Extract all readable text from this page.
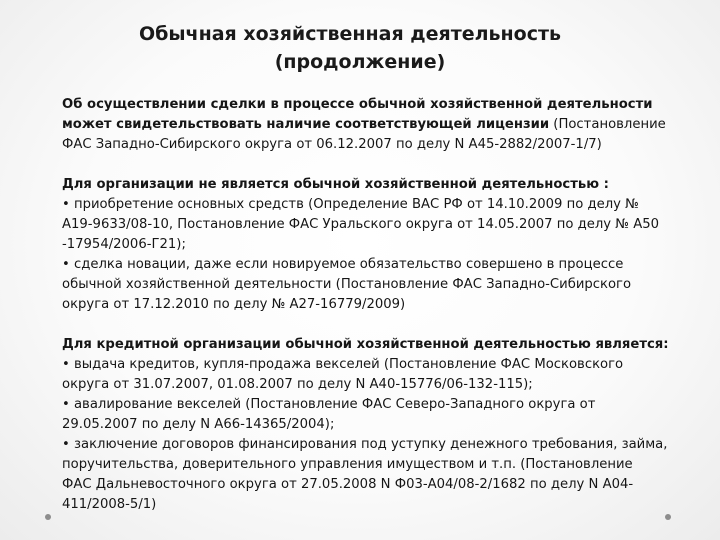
Обычная хозяйственная деятельность
(продолжение)

Об осуществлении сделки в процессе обычной хозяйственной деятельности
может свидетельствовать наличие соответствующей лицензии (Постановление
ФАС Западно-Сибирского округа от 06.12.2007 по делу N А45-2882/2007-1/7)

Для организации не является обычной хозяйственной деятельностью :
• приобретение основных средств (Определение ВАС РФ от 14.10.2009 по делу №
А19-9633/08-10, Постановление ФАС Уральского округа от 14.05.2007 по делу № А50
-17954/2006-Г21);
• сделка новации, даже если новируемое обязательство совершено в процессе
обычной хозяйственной деятельности (Постановление ФАС Западно-Сибирского
округа от 17.12.2010 по делу № А27-16779/2009)

Для кредитной организации обычной хозяйственной деятельностью является:
• выдача кредитов, купля-продажа векселей (Постановление ФАС Московского
округа от 31.07.2007, 01.08.2007 по делу N А40-15776/06-132-115);
• авалирование векселей (Постановление ФАС Северо-Западного округа от
29.05.2007 по делу N А66-14365/2004);
• заключение договоров финансирования под уступку денежного требования, займа,
поручительства, доверительного управления имуществом и т.п. (Постановление
ФАС Дальневосточного округа от 27.05.2008 N Ф03-А04/08-2/1682 по делу N А04-
411/2008-5/1)
